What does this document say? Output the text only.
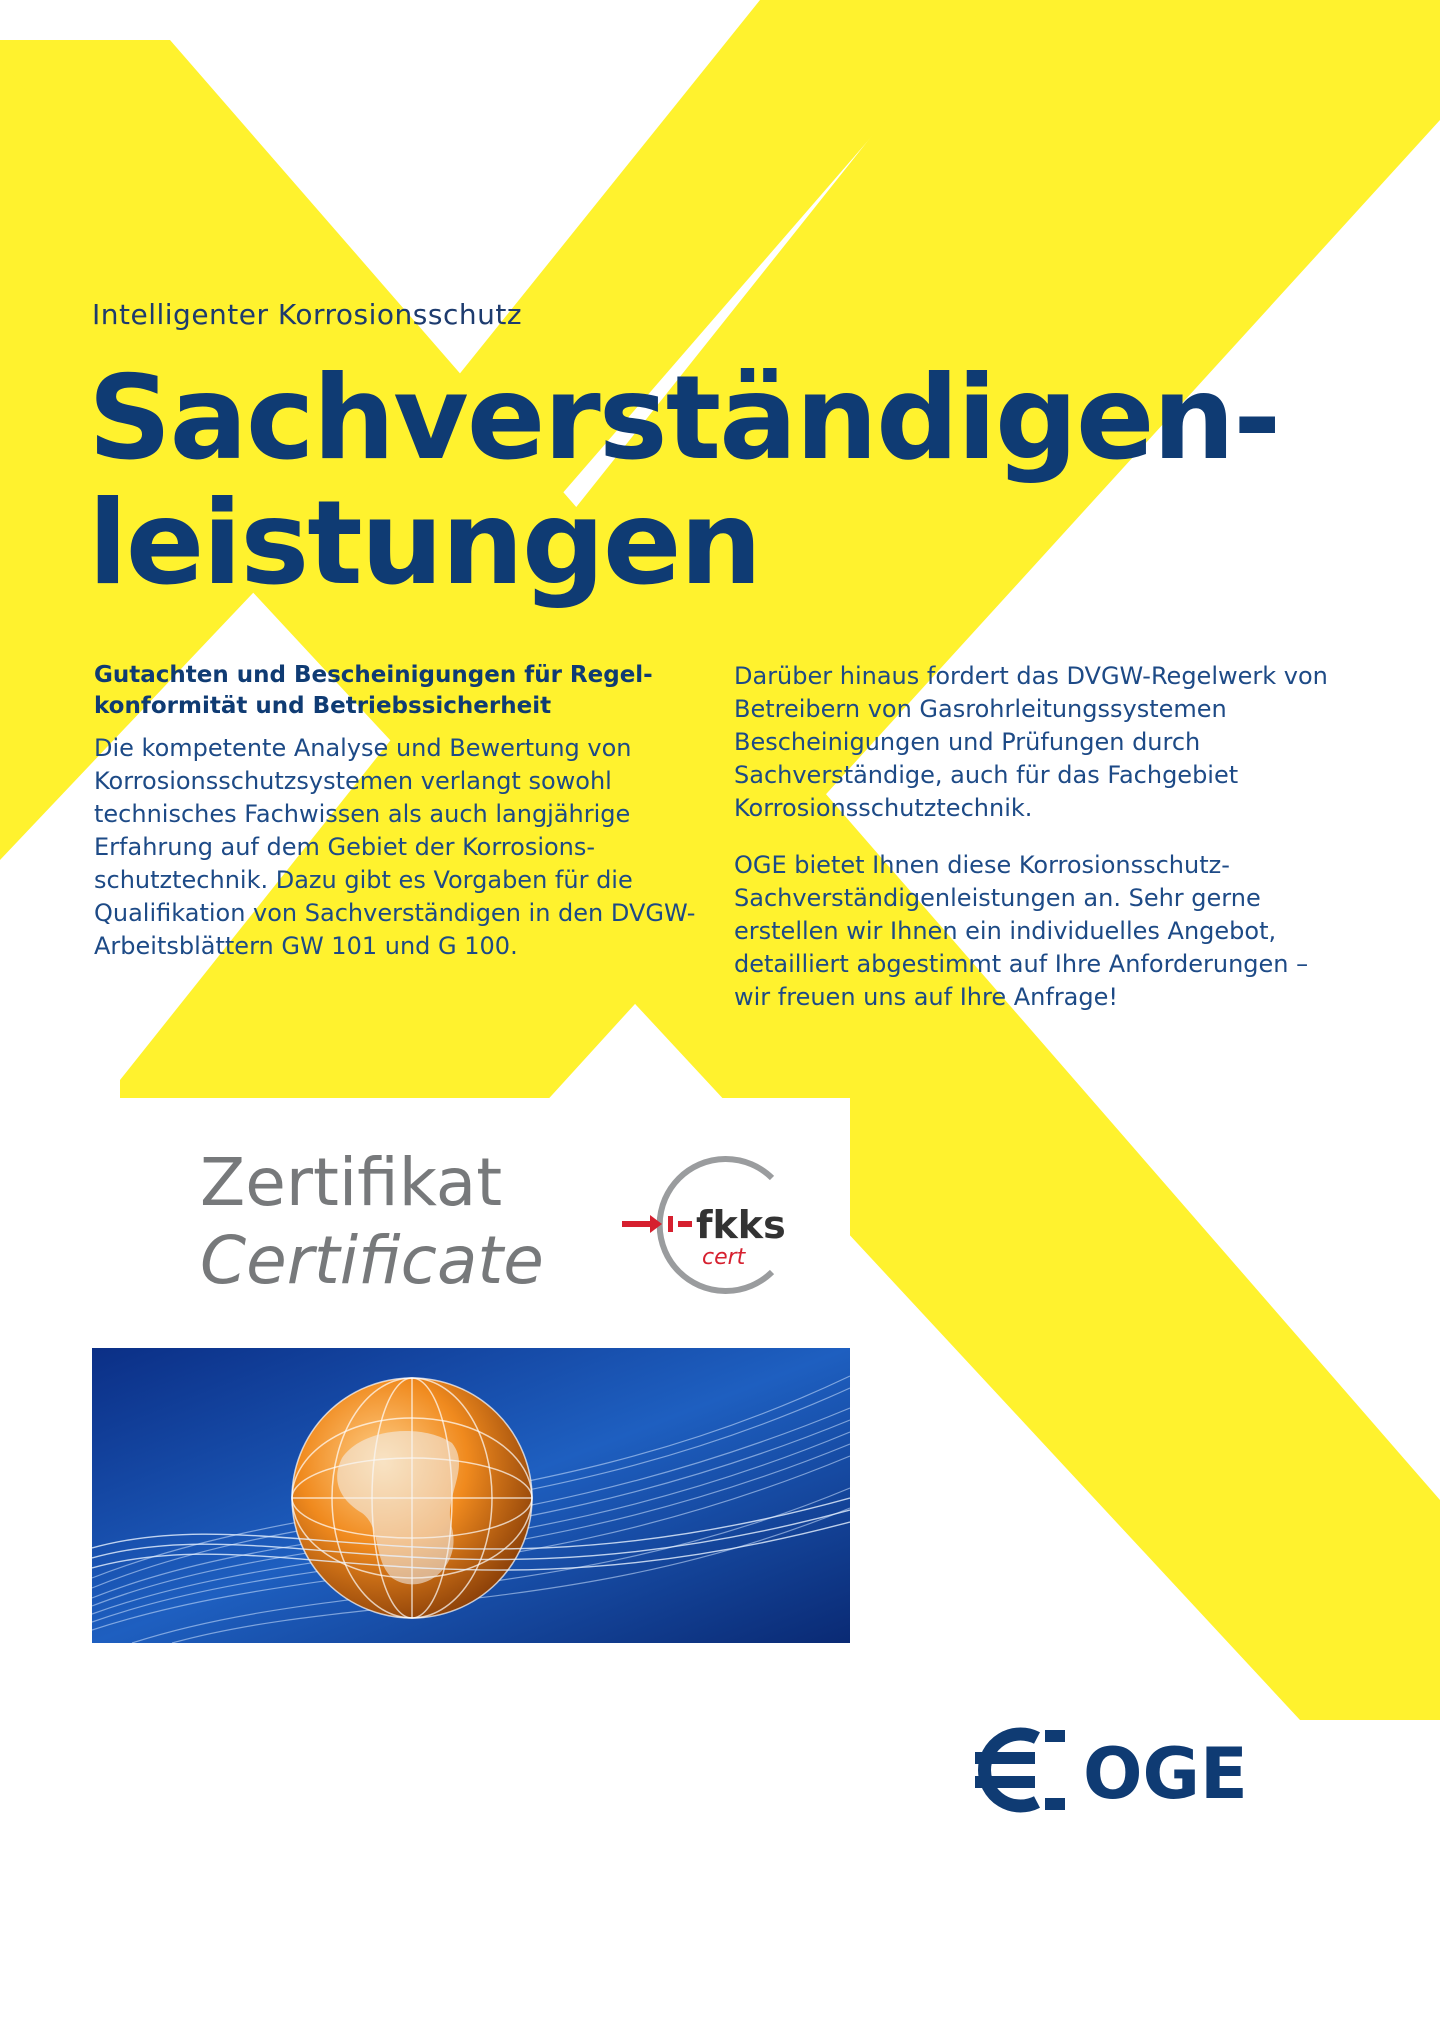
Intelligenter Korrosionsschutz
Sachverständigen-
leistungen
Gutachten und Bescheinigungen für Regel-
konformität und Betriebssicherheit

Die kompetente Analyse und Bewertung von Korrosionsschutzsystemen verlangt sowohl technisches Fachwissen als auch langjährige Erfahrung auf dem Gebiet der Korrosionsschutztechnik. Dazu gibt es Vorgaben für die Qualifikation von Sachverständigen in den DVGW-Arbeitsblättern GW 101 und G 100.

Darüber hinaus fordert das DVGW-Regelwerk von Betreibern von Gasrohrleitungssystemen Bescheinigungen und Prüfungen durch Sachverständige, auch für das Fachgebiet Korrosionsschutztechnik.

OGE bietet Ihnen diese Korrosionsschutz-Sachverständigenleistungen an. Sehr gerne erstellen wir Ihnen ein individuelles Angebot, detailliert abgestimmt auf Ihre Anforderungen – wir freuen uns auf Ihre Anfrage!

Zertifikat
Certificate	fkks
cert
OGE
